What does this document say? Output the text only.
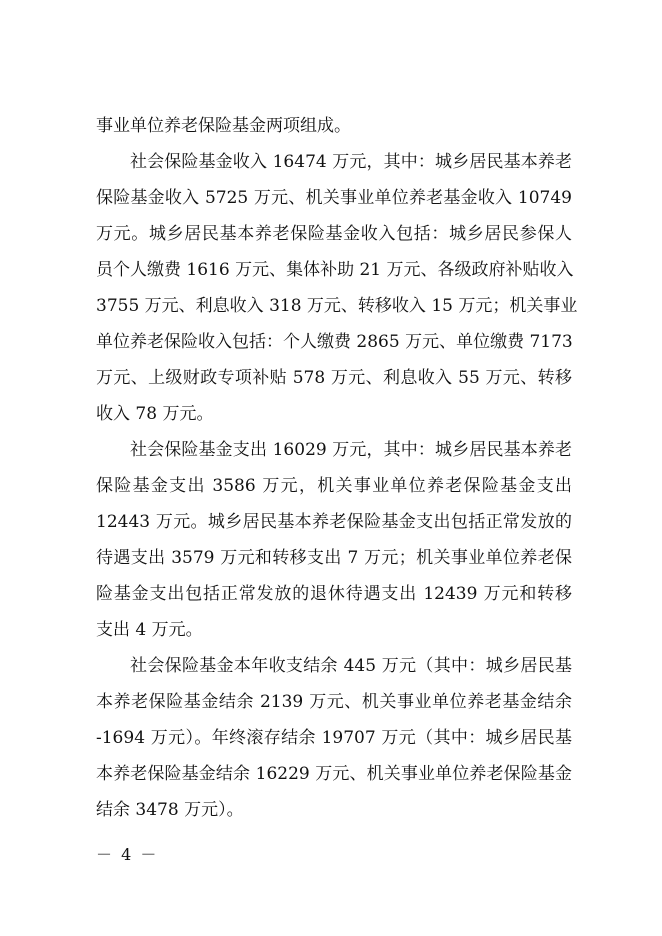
事业单位养老保险基金两项组成。
社会保险基金收入 16474 万元，其中：城乡居民基本养老
保险基金收入 5725 万元、机关事业单位养老基金收入 10749
万元。城乡居民基本养老保险基金收入包括：城乡居民参保人
员个人缴费 1616 万元、集体补助 21 万元、各级政府补贴收入
3755 万元、利息收入 318 万元、转移收入 15 万元；机关事业
单位养老保险收入包括：个人缴费 2865 万元、单位缴费 7173
万元、上级财政专项补贴 578 万元、利息收入 55 万元、转移
收入 78 万元。
社会保险基金支出 16029 万元，其中：城乡居民基本养老
保险基金支出 3586 万元，机关事业单位养老保险基金支出
12443 万元。城乡居民基本养老保险基金支出包括正常发放的
待遇支出 3579 万元和转移支出 7 万元；机关事业单位养老保
险基金支出包括正常发放的退休待遇支出 12439 万元和转移
支出 4 万元。
社会保险基金本年收支结余 445 万元（其中：城乡居民基
本养老保险基金结余 2139 万元、机关事业单位养老基金结余
-1694 万元）。年终滚存结余 19707 万元（其中：城乡居民基
本养老保险基金结余 16229 万元、机关事业单位养老保险基金
结余 3478 万元）。
－ 4 －
